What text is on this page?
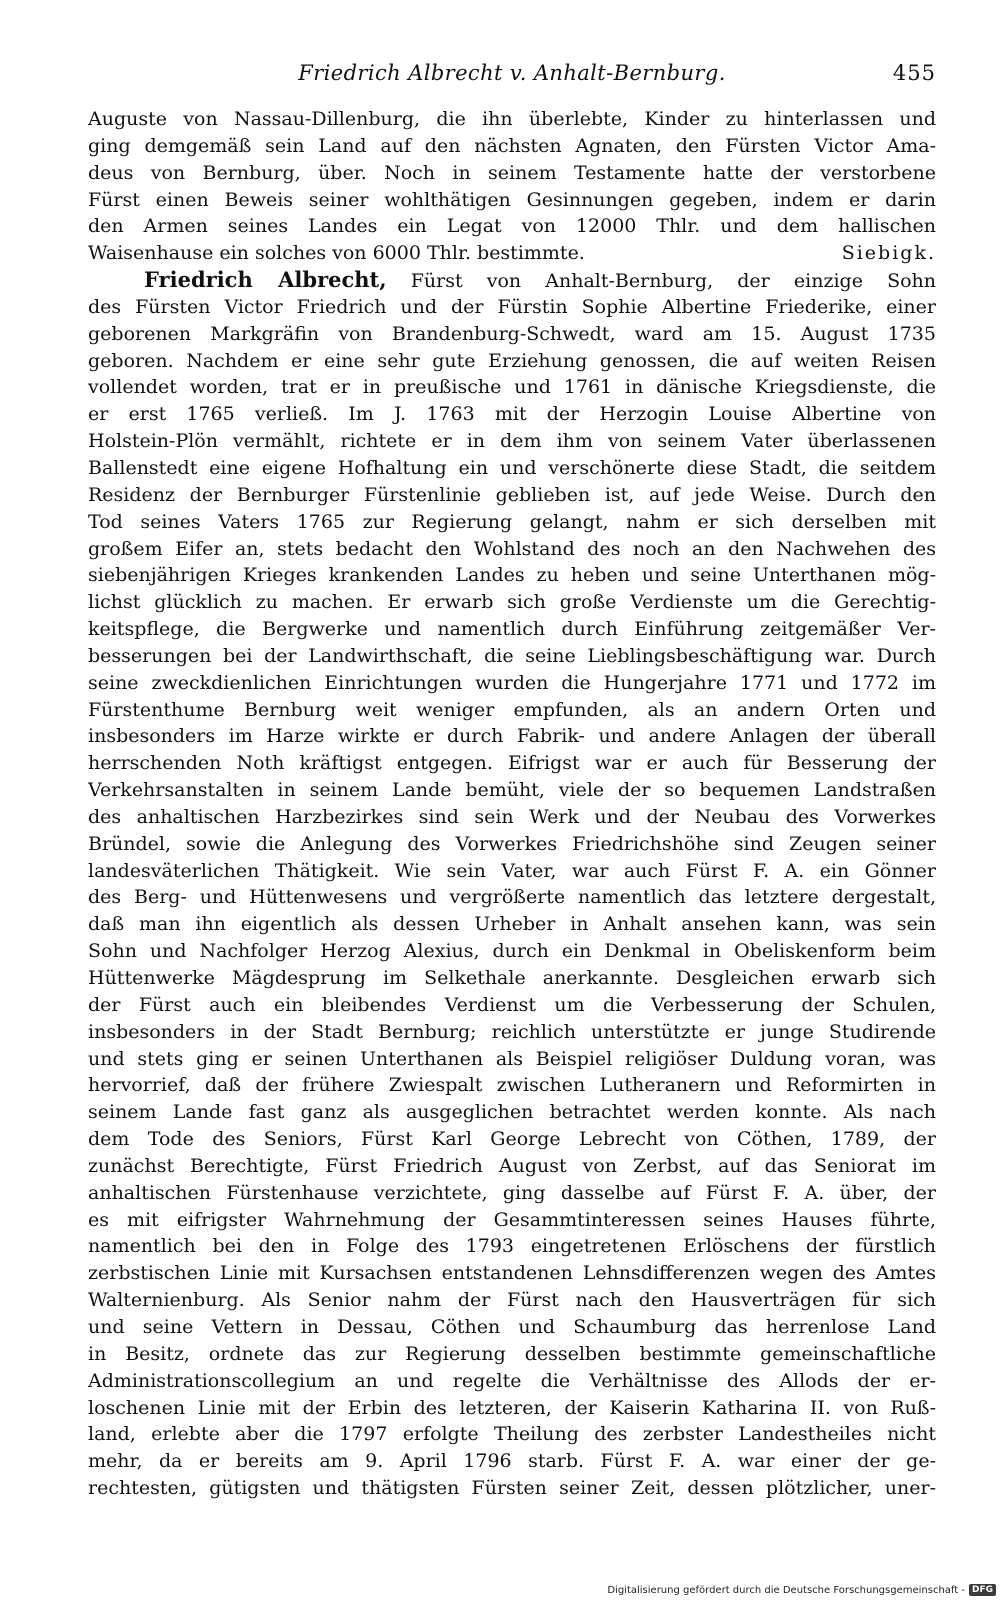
Friedrich Albrecht v. Anhalt-Bernburg.	455
Auguste von Nassau-Dillenburg, die ihn überlebte, Kinder zu hinterlassen und
ging demgemäß sein Land auf den nächsten Agnaten, den Fürsten Victor Ama-
deus von Bernburg, über. Noch in seinem Testamente hatte der verstorbene
Fürst einen Beweis seiner wohlthätigen Gesinnungen gegeben, indem er darin
den Armen seines Landes ein Legat von 12000 Thlr. und dem hallischen
Waisenhause ein solches von 6000 Thlr. bestimmte.	Siebigk.
Friedrich Albrecht, Fürst von Anhalt-Bernburg, der einzige Sohn
des Fürsten Victor Friedrich und der Fürstin Sophie Albertine Friederike, einer
geborenen Markgräfin von Brandenburg-Schwedt, ward am 15. August 1735
geboren. Nachdem er eine sehr gute Erziehung genossen, die auf weiten Reisen
vollendet worden, trat er in preußische und 1761 in dänische Kriegsdienste, die
er erst 1765 verließ. Im J. 1763 mit der Herzogin Louise Albertine von
Holstein-Plön vermählt, richtete er in dem ihm von seinem Vater überlassenen
Ballenstedt eine eigene Hofhaltung ein und verschönerte diese Stadt, die seitdem
Residenz der Bernburger Fürstenlinie geblieben ist, auf jede Weise. Durch den
Tod seines Vaters 1765 zur Regierung gelangt, nahm er sich derselben mit
großem Eifer an, stets bedacht den Wohlstand des noch an den Nachwehen des
siebenjährigen Krieges krankenden Landes zu heben und seine Unterthanen mög-
lichst glücklich zu machen. Er erwarb sich große Verdienste um die Gerechtig-
keitspflege, die Bergwerke und namentlich durch Einführung zeitgemäßer Ver-
besserungen bei der Landwirthschaft, die seine Lieblingsbeschäftigung war. Durch
seine zweckdienlichen Einrichtungen wurden die Hungerjahre 1771 und 1772 im
Fürstenthume Bernburg weit weniger empfunden, als an andern Orten und
insbesonders im Harze wirkte er durch Fabrik- und andere Anlagen der überall
herrschenden Noth kräftigst entgegen. Eifrigst war er auch für Besserung der
Verkehrsanstalten in seinem Lande bemüht, viele der so bequemen Landstraßen
des anhaltischen Harzbezirkes sind sein Werk und der Neubau des Vorwerkes
Bründel, sowie die Anlegung des Vorwerkes Friedrichshöhe sind Zeugen seiner
landesväterlichen Thätigkeit. Wie sein Vater, war auch Fürst F. A. ein Gönner
des Berg- und Hüttenwesens und vergrößerte namentlich das letztere dergestalt,
daß man ihn eigentlich als dessen Urheber in Anhalt ansehen kann, was sein
Sohn und Nachfolger Herzog Alexius, durch ein Denkmal in Obeliskenform beim
Hüttenwerke Mägdesprung im Selkethale anerkannte. Desgleichen erwarb sich
der Fürst auch ein bleibendes Verdienst um die Verbesserung der Schulen,
insbesonders in der Stadt Bernburg; reichlich unterstützte er junge Studirende
und stets ging er seinen Unterthanen als Beispiel religiöser Duldung voran, was
hervorrief, daß der frühere Zwiespalt zwischen Lutheranern und Reformirten in
seinem Lande fast ganz als ausgeglichen betrachtet werden konnte. Als nach
dem Tode des Seniors, Fürst Karl George Lebrecht von Cöthen, 1789, der
zunächst Berechtigte, Fürst Friedrich August von Zerbst, auf das Seniorat im
anhaltischen Fürstenhause verzichtete, ging dasselbe auf Fürst F. A. über, der
es mit eifrigster Wahrnehmung der Gesammtinteressen seines Hauses führte,
namentlich bei den in Folge des 1793 eingetretenen Erlöschens der fürstlich
zerbstischen Linie mit Kursachsen entstandenen Lehnsdifferenzen wegen des Amtes
Walternienburg. Als Senior nahm der Fürst nach den Hausverträgen für sich
und seine Vettern in Dessau, Cöthen und Schaumburg das herrenlose Land
in Besitz, ordnete das zur Regierung desselben bestimmte gemeinschaftliche
Administrationscollegium an und regelte die Verhältnisse des Allods der er-
loschenen Linie mit der Erbin des letzteren, der Kaiserin Katharina II. von Ruß-
land, erlebte aber die 1797 erfolgte Theilung des zerbster Landestheiles nicht
mehr, da er bereits am 9. April 1796 starb. Fürst F. A. war einer der ge-
rechtesten, gütigsten und thätigsten Fürsten seiner Zeit, dessen plötzlicher, uner-
Digitalisierung gefördert durch die Deutsche Forschungsgemeinschaft - DFG
